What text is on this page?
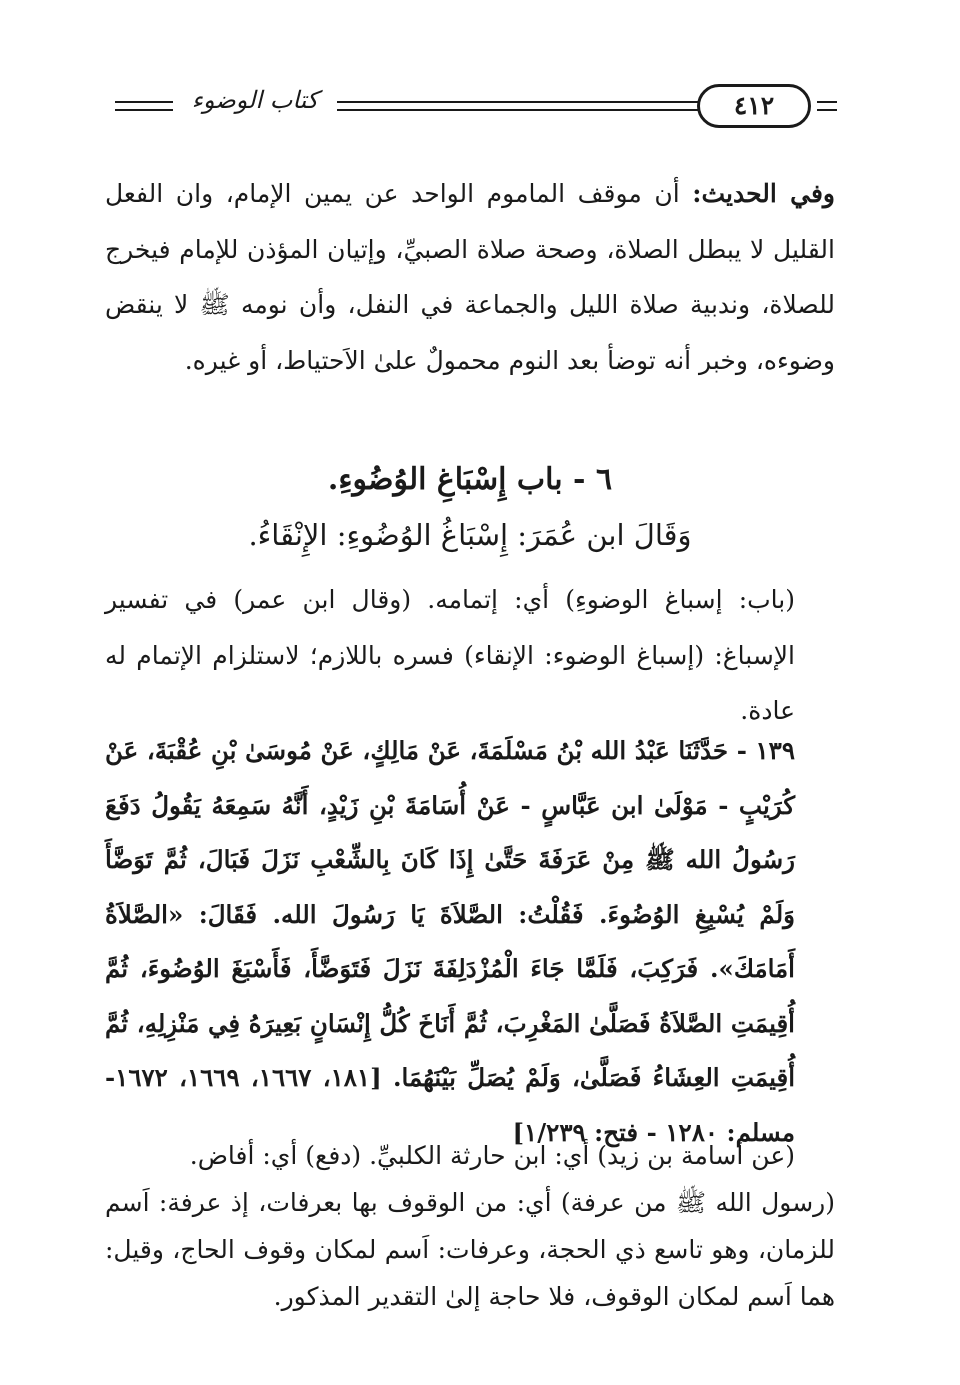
كتاب الوضوء	٤١٢

وفي الحديث: أن موقف الماموم الواحد عن يمين الإمام، وان الفعل القليل لا يبطل الصلاة، وصحة صلاة الصبيِّ، وإتيان المؤذن للإمام فيخرج للصلاة، وندبية صلاة الليل والجماعة في النفل، وأن نومه ﷺ لا ينقض وضوءه، وخبر أنه توضأ بعد النوم محمولٌ علىٰ الاَحتياط، أو غيره.

٦ - باب إِسْبَاغِ الوُضُوءِ.
وَقَالَ ابن عُمَرَ: إِسْبَاغُ الوُضُوءِ: الإِنْقَاءُ.

(باب: إسباغ الوضوءِ) أي: إتمامه. (وقال ابن عمر) في تفسير الإسباغ: (إسباغ الوضوء: الإنقاء) فسره باللازم؛ لاستلزام الإتمام له عادة.

١٣٩ - حَدَّثَنَا عَبْدُ الله بْنُ مَسْلَمَةَ، عَنْ مَالِكٍ، عَنْ مُوسَىٰ بْنِ عُقْبَةَ، عَنْ كُرَيْبٍ - مَوْلَىٰ ابن عَبَّاسٍ - عَنْ أُسَامَةَ بْنِ زَيْدٍ، أَنَّهُ سَمِعَهُ يَقُولُ دَفَعَ رَسُولُ الله ﷺ مِنْ عَرَفَةَ حَتَّىٰ إِذَا كَانَ بِالشِّعْبِ نَزَلَ فَبَالَ، ثُمَّ تَوَضَّأَ وَلَمْ يُسْبِغِ الوُضُوءَ. فَقُلْتُ: الصَّلاَةَ يَا رَسُولَ الله. فَقَالَ: «الصَّلاَةُ أَمَامَكَ». فَرَكِبَ، فَلَمَّا جَاءَ الْمُزْدَلِفَةَ نَزَلَ فَتَوَضَّأَ، فَأَسْبَغَ الوُضُوءَ، ثُمَّ أُقِيمَتِ الصَّلاَةُ فَصَلَّىٰ المَغْرِبَ، ثُمَّ أَنَاخَ كُلُّ إِنْسَانٍ بَعِيرَهُ فِي مَنْزِلِهِ، ثُمَّ أُقِيمَتِ العِشَاءُ فَصَلَّىٰ، وَلَمْ يُصَلِّ بَيْنَهُمَا. [١٨١، ١٦٦٧، ١٦٦٩، ١٦٧٢- مسلم: ١٢٨٠ - فتح: ١/٢٣٩]

(عن أسامة بن زيد) أي: ابن حارثة الكلبيِّ. (دفع) أي: أفاض.

(رسول الله ﷺ من عرفة) أي: من الوقوف بها بعرفات، إذ عرفة: اَسم للزمان، وهو تاسع ذي الحجة، وعرفات: اَسم لمكان وقوف الحاج، وقيل: هما اَسم لمكان الوقوف، فلا حاجة إلىٰ التقدير المذكور.
